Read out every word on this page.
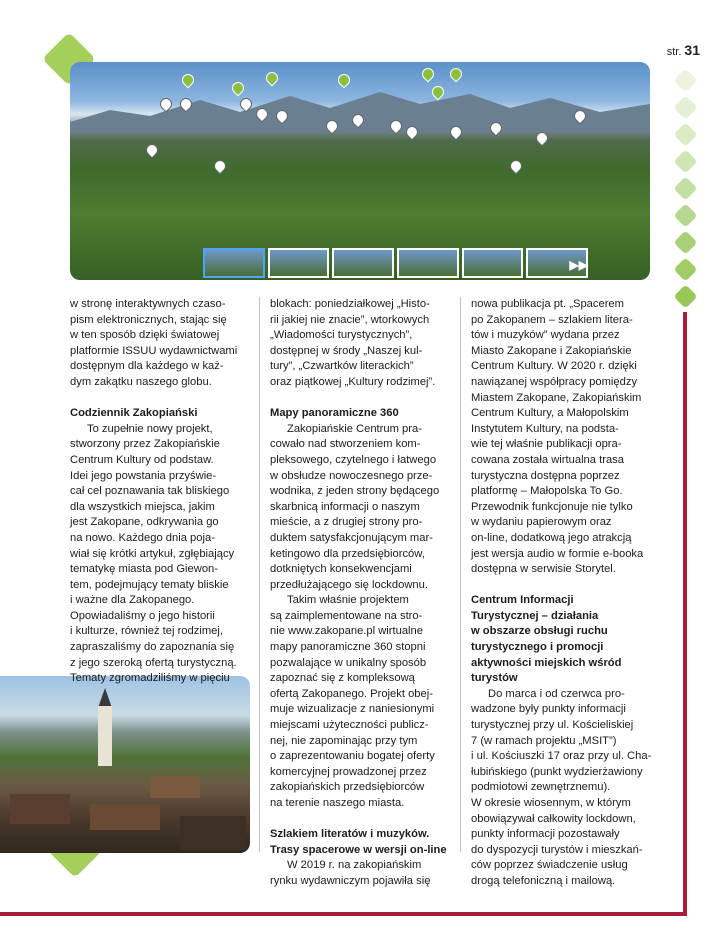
str. 31
▶▶

w stronę interaktywnych czaso-
pism elektronicznych, stając się
w ten sposób dzięki światowej
platformie ISSUU wydawnictwami
dostępnym dla każdego w każ-
dym zakątku naszego globu.

Codziennik Zakopiański

To zupełnie nowy projekt,
stworzony przez Zakopiańskie
Centrum Kultury od podstaw.
Idei jego powstania przyświe-
cał cel poznawania tak bliskiego
dla wszystkich miejsca, jakim
jest Zakopane, odkrywania go
na nowo. Każdego dnia poja-
wiał się krótki artykuł, zgłębiający
tematykę miasta pod Giewon-
tem, podejmujący tematy bliskie
i ważne dla Zakopanego.
Opowiadaliśmy o jego historii
i kulturze, również tej rodzimej,
zapraszaliśmy do zapoznania się
z jego szeroką ofertą turystyczną.
Tematy zgromadziliśmy w pięciu

blokach: poniedziałkowej „Histo-
rii jakiej nie znacie”, wtorkowych
„Wiadomości turystycznych”,
dostępnej w środy „Naszej kul-
tury”, „Czwartków literackich”
oraz piątkowej „Kultury rodzimej”.

Mapy panoramiczne 360

Zakopiańskie Centrum pra-
cowało nad stworzeniem kom-
pleksowego, czytelnego i łatwego
w obsłudze nowoczesnego prze-
wodnika, z jeden strony będącego
skarbnicą informacji o naszym
mieście, a z drugiej strony pro-
duktem satysfakcjonującym mar-
ketingowo dla przedsiębiorców,
dotkniętych konsekwencjami
przedłużającego się lockdownu.

Takim właśnie projektem
są zaimplementowane na stro-
nie www.zakopane.pl wirtualne
mapy panoramiczne 360 stopni
pozwalające w unikalny sposób
zapoznać się z kompleksową
ofertą Zakopanego. Projekt obej-
muje wizualizacje z naniesionymi
miejscami użyteczności publicz-
nej, nie zapominając przy tym
o zaprezentowaniu bogatej oferty
komercyjnej prowadzonej przez
zakopiańskich przedsiębiorców
na terenie naszego miasta.

Szlakiem literatów i muzyków.
Trasy spacerowe w wersji on-line

W 2019 r. na zakopiańskim
rynku wydawniczym pojawiła się

nowa publikacja pt. „Spacerem
po Zakopanem – szlakiem litera-
tów i muzyków” wydana przez
Miasto Zakopane i Zakopiańskie
Centrum Kultury. W 2020 r. dzięki
nawiązanej współpracy pomiędzy
Miastem Zakopane, Zakopiańskim
Centrum Kultury, a Małopolskim
Instytutem Kultury, na podsta-
wie tej właśnie publikacji opra-
cowana została wirtualna trasa
turystyczna dostępna poprzez
platformę – Małopolska To Go.
Przewodnik funkcjonuje nie tylko
w wydaniu papierowym oraz
on-line, dodatkową jego atrakcją
jest wersja audio w formie e-booka
dostępna w serwisie Storytel.

Centrum Informacji
Turystycznej – działania
w obszarze obsługi ruchu
turystycznego i promocji
aktywności miejskich wśród
turystów

Do marca i od czerwca pro-
wadzone były punkty informacji
turystycznej przy ul. Kościeliskiej
7 (w ramach projektu „MSIT”)
i ul. Kościuszki 17 oraz przy ul. Cha-
łubińskiego (punkt wydzierżawiony
podmiotowi zewnętrznemu).

W okresie wiosennym, w którym
obowiązywał całkowity lockdown,
punkty informacji pozostawały
do dyspozycji turystów i mieszkań-
ców poprzez świadczenie usług
drogą telefoniczną i mailową.
